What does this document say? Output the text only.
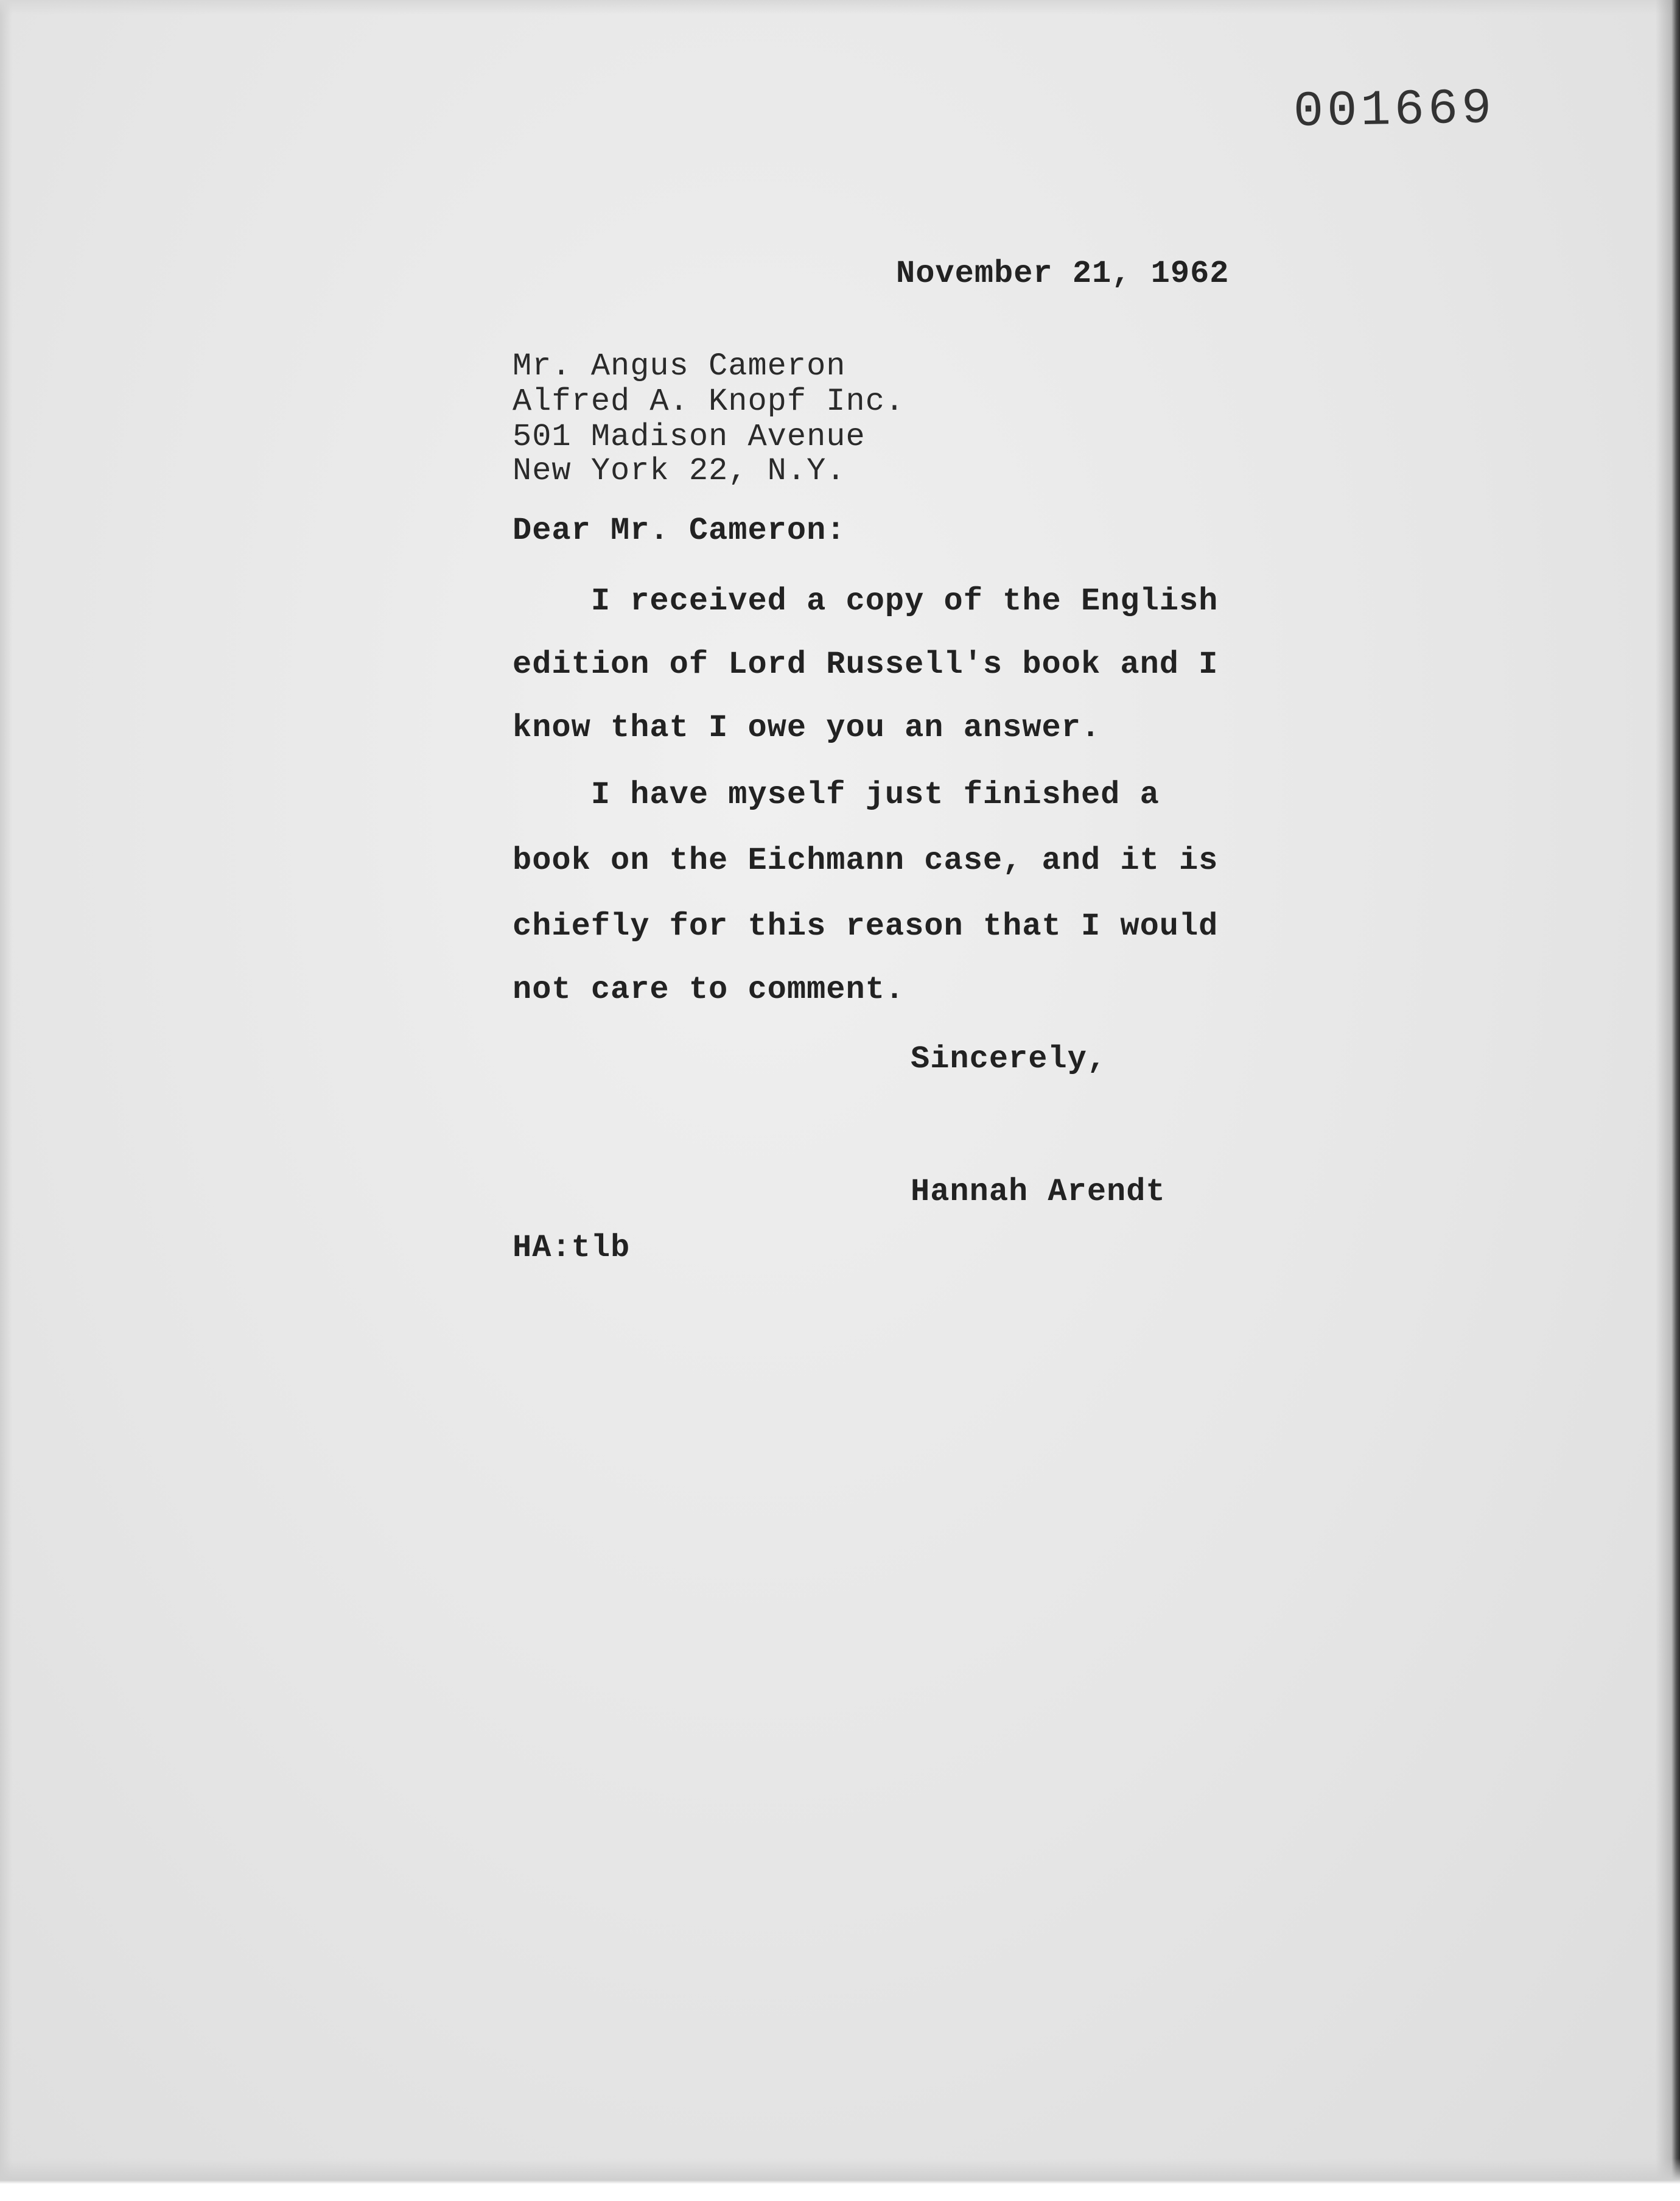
001669
November 21, 1962
Mr. Angus Cameron
Alfred A. Knopf Inc.
501 Madison Avenue
New York 22, N.Y.
Dear Mr. Cameron:
I received a copy of the English
edition of Lord Russell's book and I
know that I owe you an answer.
I have myself just finished a
book on the Eichmann case, and it is
chiefly for this reason that I would
not care to comment.
Sincerely,
Hannah Arendt
HA:tlb
